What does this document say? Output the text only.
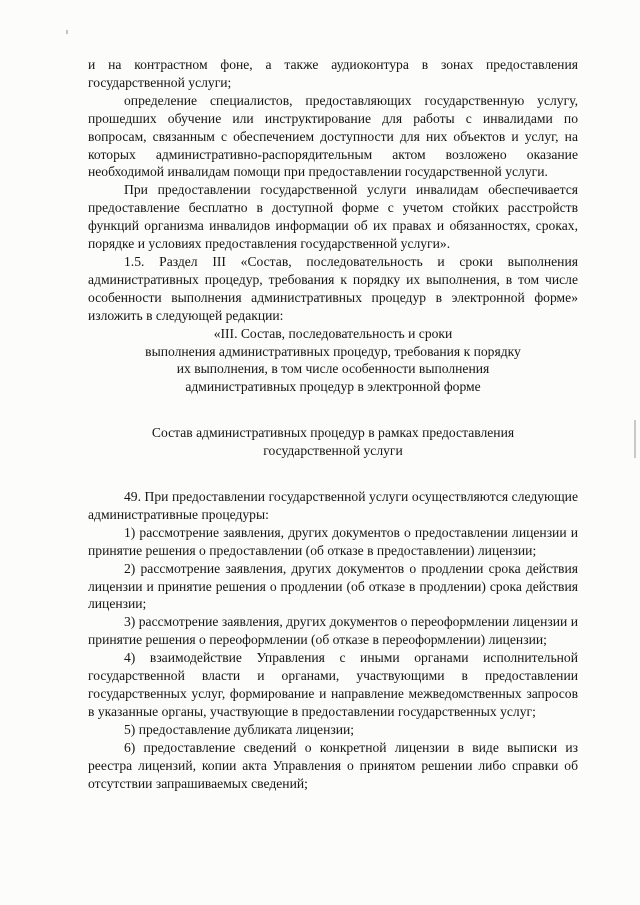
и на контрастном фоне, а также аудиоконтура в зонах предоставления государственной услуги;

определение специалистов, предоставляющих государственную услугу, прошедших обучение или инструктирование для работы с инвалидами по вопросам, связанным с обеспечением доступности для них объектов и услуг, на которых административно-распорядительным актом возложено оказание необходимой инвалидам помощи при предоставлении государственной услуги.

При предоставлении государственной услуги инвалидам обеспечивается предоставление бесплатно в доступной форме с учетом стойких расстройств функций организма инвалидов информации об их правах и обязанностях, сроках, порядке и условиях предоставления государственной услуги».

1.5. Раздел III «Состав, последовательность и сроки выполнения административных процедур, требования к порядку их выполнения, в том числе особенности выполнения административных процедур в электронной форме» изложить в следующей редакции:

«III. Состав, последовательность и сроки

выполнения административных процедур, требования к порядку

их выполнения, в том числе особенности выполнения

административных процедур в электронной форме

Состав административных процедур в рамках предоставления

государственной услуги

49. При предоставлении государственной услуги осуществляются следующие административные процедуры:

1) рассмотрение заявления, других документов о предоставлении лицензии и принятие решения о предоставлении (об отказе в предоставлении) лицензии;

2) рассмотрение заявления, других документов о продлении срока действия лицензии и принятие решения о продлении (об отказе в продлении) срока действия лицензии;

3) рассмотрение заявления, других документов о переоформлении лицензии и принятие решения о переоформлении (об отказе в переоформлении) лицензии;

4) взаимодействие Управления с иными органами исполнительной государственной власти и органами, участвующими в предоставлении государственных услуг, формирование и направление межведомственных запросов в указанные органы, участвующие в предоставлении государственных услуг;

5) предоставление дубликата лицензии;

6) предоставление сведений о конкретной лицензии в виде выписки из реестра лицензий, копии акта Управления о принятом решении либо справки об отсутствии запрашиваемых сведений;
